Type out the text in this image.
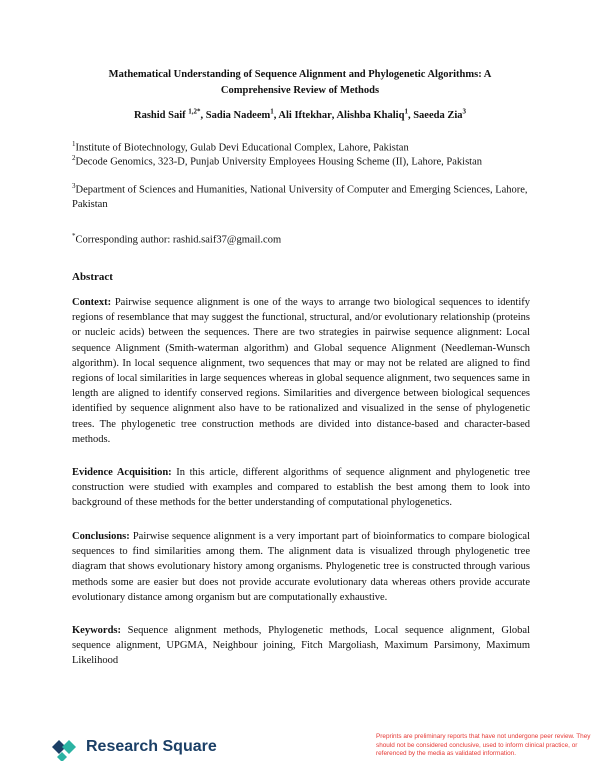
Mathematical Understanding of Sequence Alignment and Phylogenetic Algorithms: A
Comprehensive Review of Methods
Rashid Saif $^{1,2*}$, Sadia Nadeem$^1$, Ali Iftekhar, Alishba Khaliq$^1$, Saeeda Zia$^3$
$^1$Institute of Biotechnology, Gulab Devi Educational Complex, Lahore, Pakistan
$^2$Decode Genomics, 323-D, Punjab University Employees Housing Scheme (II), Lahore, Pakistan
$^3$Department of Sciences and Humanities, National University of Computer and Emerging Sciences, Lahore, Pakistan
*Corresponding author: rashid.saif37@gmail.com
Abstract
Context: Pairwise sequence alignment is one of the ways to arrange two biological sequences to identify regions of resemblance that may suggest the functional, structural, and/or evolutionary relationship (proteins or nucleic acids) between the sequences. There are two strategies in pairwise sequence alignment: Local sequence Alignment (Smith-waterman algorithm) and Global sequence Alignment (Needleman-Wunsch algorithm). In local sequence alignment, two sequences that may or may not be related are aligned to find regions of local similarities in large sequences whereas in global sequence alignment, two sequences same in length are aligned to identify conserved regions. Similarities and divergence between biological sequences identified by sequence alignment also have to be rationalized and visualized in the sense of phylogenetic trees. The phylogenetic tree construction methods are divided into distance-based and character-based methods.
Evidence Acquisition: In this article, different algorithms of sequence alignment and phylogenetic tree construction were studied with examples and compared to establish the best among them to look into background of these methods for the better understanding of computational phylogenetics.
Conclusions: Pairwise sequence alignment is a very important part of bioinformatics to compare biological sequences to find similarities among them. The alignment data is visualized through phylogenetic tree diagram that shows evolutionary history among organisms. Phylogenetic tree is constructed through various methods some are easier but does not provide accurate evolutionary data whereas others provide accurate evolutionary distance among organism but are computationally exhaustive.
Keywords: Sequence alignment methods, Phylogenetic methods, Local sequence alignment, Global sequence alignment, UPGMA, Neighbour joining, Fitch Margoliash, Maximum Parsimony, Maximum Likelihood
Research Square
Preprints are preliminary reports that have not undergone peer review. They should not be considered conclusive, used to inform clinical practice, or referenced by the media as validated information.
